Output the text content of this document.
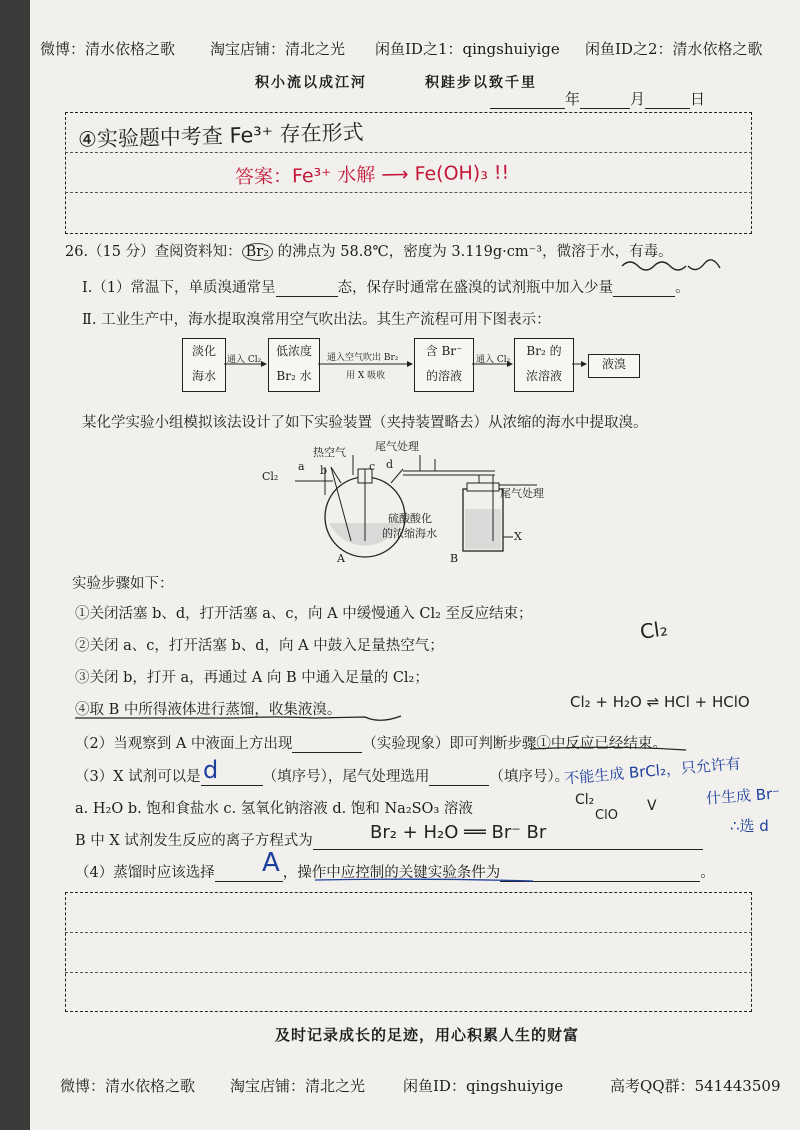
微博：清水依格之歌 淘宝店铺：清北之光 闲鱼ID之1：qingshuiyige 闲鱼ID之2：清水依格之歌
积小流以成江河	积跬步以致千里
年	月	日
④实验题中考查 Fe³⁺ 存在形式
答案：Fe³⁺ 水解 ⟶ Fe(OH)₃ !!
26.（15 分）查阅资料知： Br₂ 的沸点为 58.8℃，密度为 3.119g·cm⁻³，微溶于水，有毒。
Ⅰ.（1）常温下，单质溴通常呈	态，保存时通常在盛溴的试剂瓶中加入少量	。
Ⅱ. 工业生产中，海水提取溴常用空气吹出法。其生产流程可用下图表示：
淡化
海水
低浓度
Br₂ 水
含 Br⁻
的溶液
Br₂ 的
浓溶液
液溴
通入 Cl₂	通入空气吹出 Br₂
用 X 吸收
通入 Cl₂
某化学实验小组模拟该法设计了如下实验装置（夹持装置略去）从浓缩的海水中提取溴。
热空气	尾气处理
Cl₂
a b	c d
尾气处理
硫酸酸化
的浓缩海水
A	B
X
实验步骤如下：
①关闭活塞 b、d，打开活塞 a、c，向 A 中缓慢通入 Cl₂ 至反应结束；
②关闭 a、c，打开活塞 b、d，向 A 中鼓入足量热空气；
③关闭 b，打开 a，再通过 A 向 B 中通入足量的 Cl₂；
④取 B 中所得液体进行蒸馏，收集液溴。
Cl₂
Cl₂ + H₂O ⇌ HCl + HClO
（2）当观察到 A 中液面上方出现	（实验现象）即可判断步骤①中反应已经结束。
（3）X 试剂可以是	（填序号），尾气处理选用	（填序号）。
d	不能生成 BrCl₂，只允许有
什生成 Br⁻
∴选 d
Cl₂
ClO
V
a. H₂O b. 饱和食盐水 c. 氢氧化钠溶液 d. 饱和 Na₂SO₃ 溶液
B 中 X 试剂发生反应的离子方程式为	Br₂ + H₂O ══ Br⁻ Br
（4）蒸馏时应该选择	，操作中应控制的关键实验条件为	。
A
及时记录成长的足迹，用心积累人生的财富
微博：清水依格之歌 淘宝店铺：清北之光	闲鱼ID：qingshuiyige	高考QQ群：541443509
